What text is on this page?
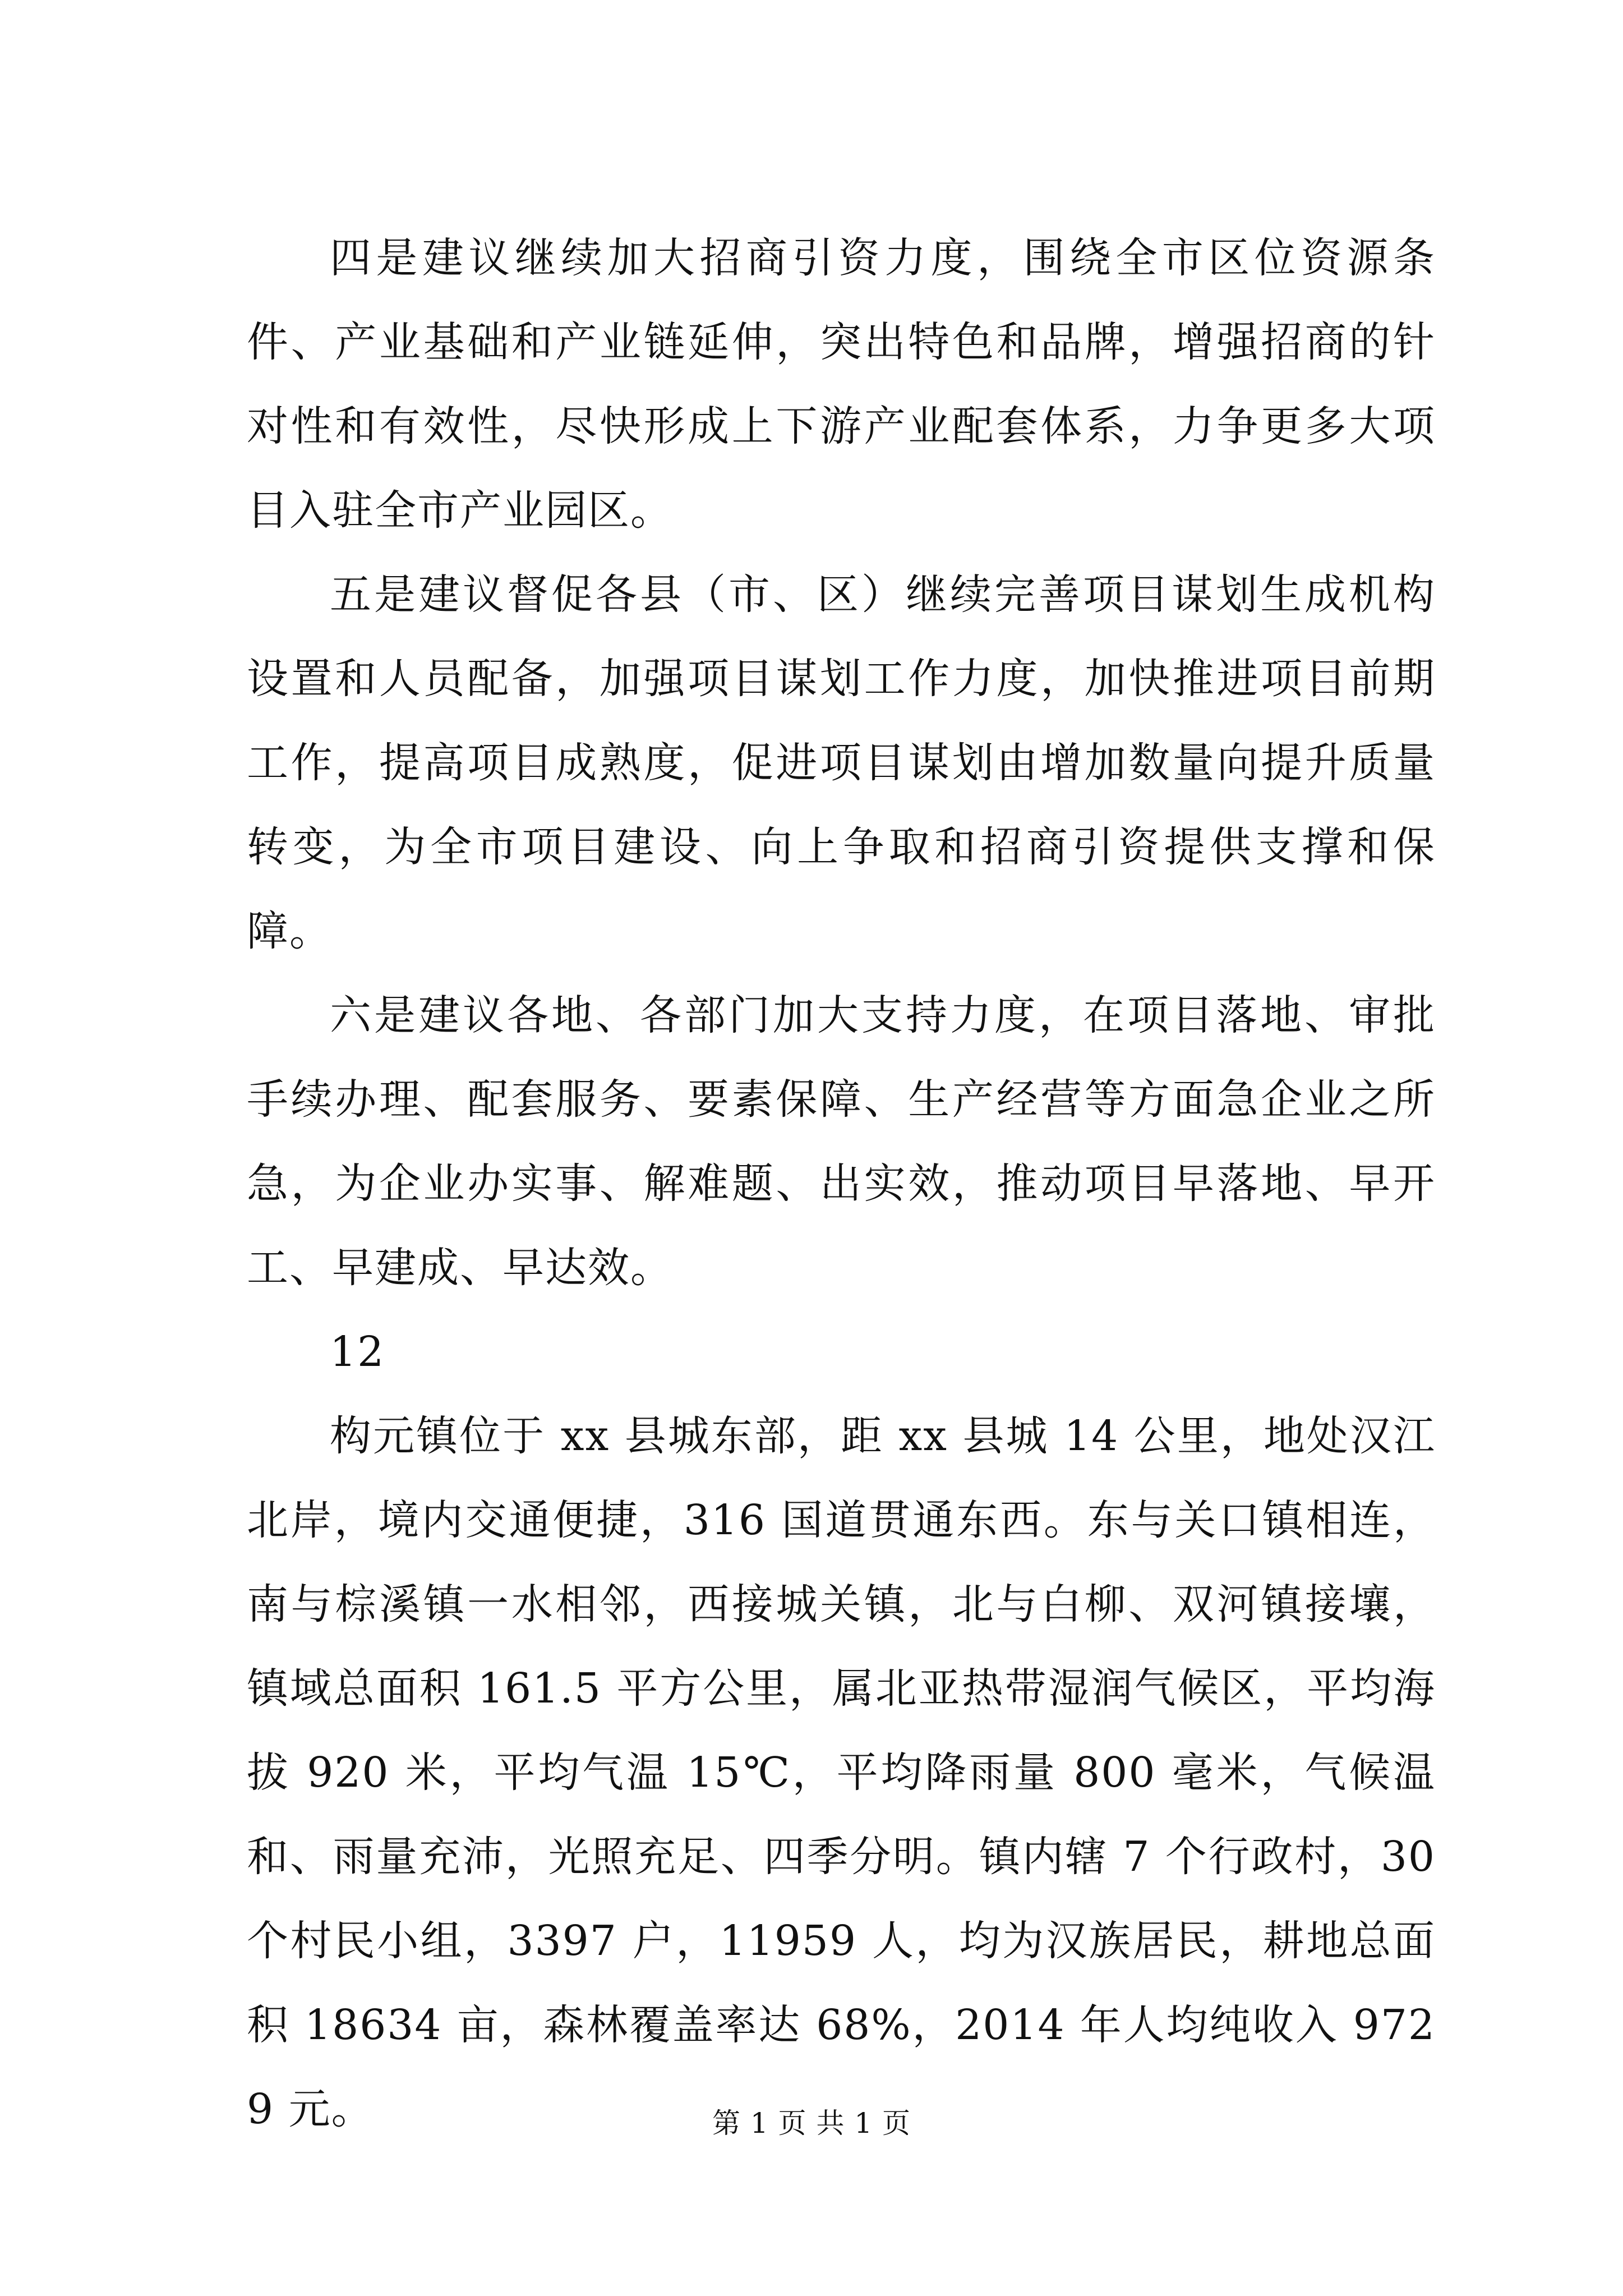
四是建议继续加大招商引资力度，围绕全市区位资源条件、产业基础和产业链延伸，突出特色和品牌，增强招商的针对性和有效性，尽快形成上下游产业配套体系，力争更多大项目入驻全市产业园区。

五是建议督促各县（市、区）继续完善项目谋划生成机构设置和人员配备，加强项目谋划工作力度，加快推进项目前期工作，提高项目成熟度，促进项目谋划由增加数量向提升质量转变，为全市项目建设、向上争取和招商引资提供支撑和保障。

六是建议各地、各部门加大支持力度，在项目落地、审批手续办理、配套服务、要素保障、生产经营等方面急企业之所急，为企业办实事、解难题、出实效，推动项目早落地、早开工、早建成、早达效。

12

构元镇位于 xx 县城东部，距 xx 县城 14 公里，地处汉江北岸，境内交通便捷，316 国道贯通东西。东与关口镇相连，南与棕溪镇一水相邻，西接城关镇，北与白柳、双河镇接壤，镇域总面积 161.5 平方公里，属北亚热带湿润气候区，平均海拔 920 米，平均气温 15℃，平均降雨量 800 毫米，气候温和、雨量充沛，光照充足、四季分明。镇内辖 7 个行政村，30 个村民小组，3397 户，11959 人，均为汉族居民，耕地总面积 18634 亩，森林覆盖率达 68%，2014 年人均纯收入 9729 元。	第 1 页 共 1 页
